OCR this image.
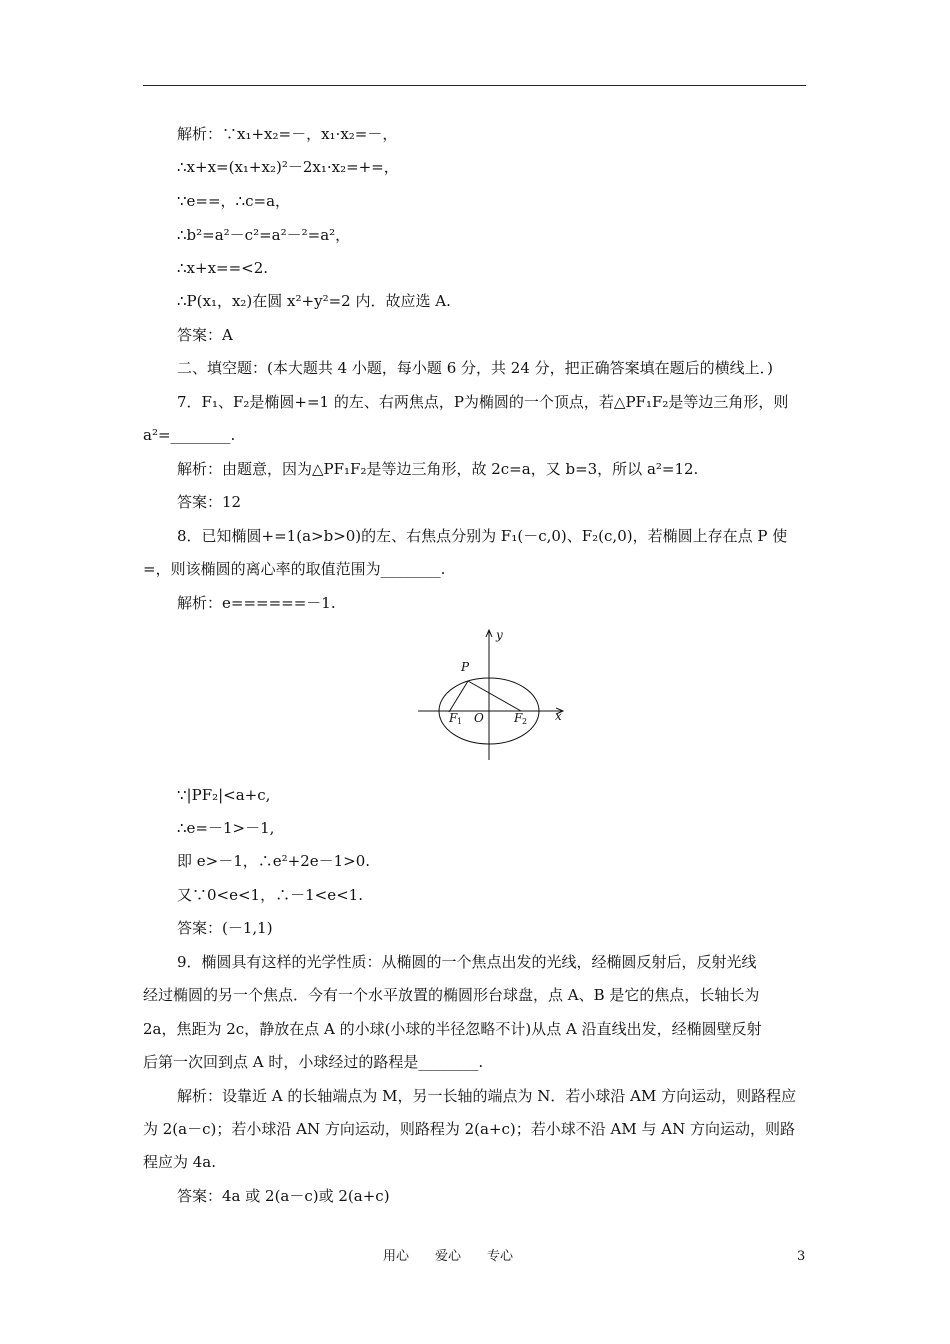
解析：∵x₁+x₂=－，x₁·x₂=－，
∴x+x=(x₁+x₂)²－2x₁·x₂=+=，
∵e==，∴c=a，
∴b²=a²－c²=a²－²=a²，
∴x+x==<2.
∴P(x₁，x₂)在圆 x²+y²=2 内．故应选 A.
答案：A
二、填空题：(本大题共 4 小题，每小题 6 分，共 24 分，把正确答案填在题后的横线上．)
7．F₁、F₂是椭圆+=1 的左、右两焦点，P为椭圆的一个顶点，若△PF₁F₂是等边三角形，则
a²=________.
解析：由题意，因为△PF₁F₂是等边三角形，故 2c=a，又 b=3，所以 a²=12.
答案：12
8．已知椭圆+=1(a>b>0)的左、右焦点分别为 F₁(－c,0)、F₂(c,0)，若椭圆上存在点 P 使
=，则该椭圆的离心率的取值范围为________.
解析：e======－1.
y
x
P
F 1 O	F 2
∵|PF₂|<a+c,
∴e=－1>－1,
即 e>－1，∴e²+2e－1>0.
又∵0<e<1，∴－1<e<1.
答案：(－1,1)
9．椭圆具有这样的光学性质：从椭圆的一个焦点出发的光线，经椭圆反射后，反射光线
经过椭圆的另一个焦点．今有一个水平放置的椭圆形台球盘，点 A、B 是它的焦点，长轴长为
2a，焦距为 2c，静放在点 A 的小球(小球的半径忽略不计)从点 A 沿直线出发，经椭圆壁反射
后第一次回到点 A 时，小球经过的路程是________.
解析：设靠近 A 的长轴端点为 M，另一长轴的端点为 N．若小球沿 AM 方向运动，则路程应
为 2(a－c)；若小球沿 AN 方向运动，则路程为 2(a+c)；若小球不沿 AM 与 AN 方向运动，则路
程应为 4a.
答案：4a 或 2(a－c)或 2(a+c)
用心　　爱心　　专心	3
